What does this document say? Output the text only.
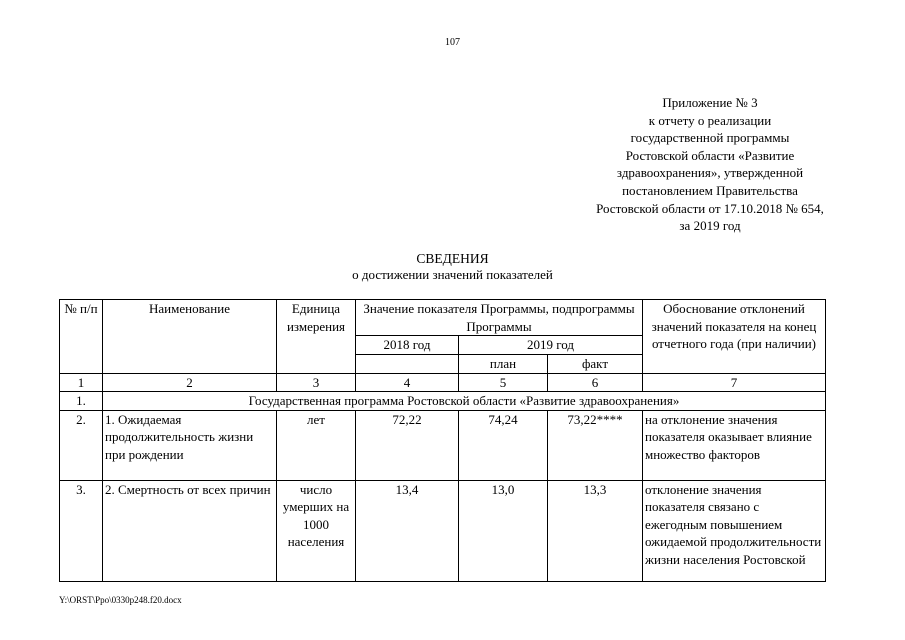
107
Приложение № 3
к отчету о реализации
государственной программы
Ростовской области «Развитие
здравоохранения», утвержденной
постановлением Правительства
Ростовской области от 17.10.2018 № 654,
за 2019 год
СВЕДЕНИЯ
о достижении значений показателей
№ п/п	Наименование	Единица измерения	Значение показателя Программы, подпрограммы Программы			Обоснование отклонений значений показателя на конец отчетного года (при наличии)
			2018 год	2019 год		
				план	факт	
1	2	3	4	5	6	7
1.	Государственная программа Ростовской области «Развитие здравоохранения»					
2.	1. Ожидаемая продолжительность жизни при рождении	лет	72,22	74,24	73,22****	на отклонение значения показателя оказывает влияние множество факторов
3.	2. Смертность от всех причин	число умерших на 1000 населения	13,4	13,0	13,3	отклонение значения показателя связано с ежегодным повышением ожидаемой продолжительности жизни населения Ростовской
Y:\ORST\Ppo\0330p248.f20.docx
